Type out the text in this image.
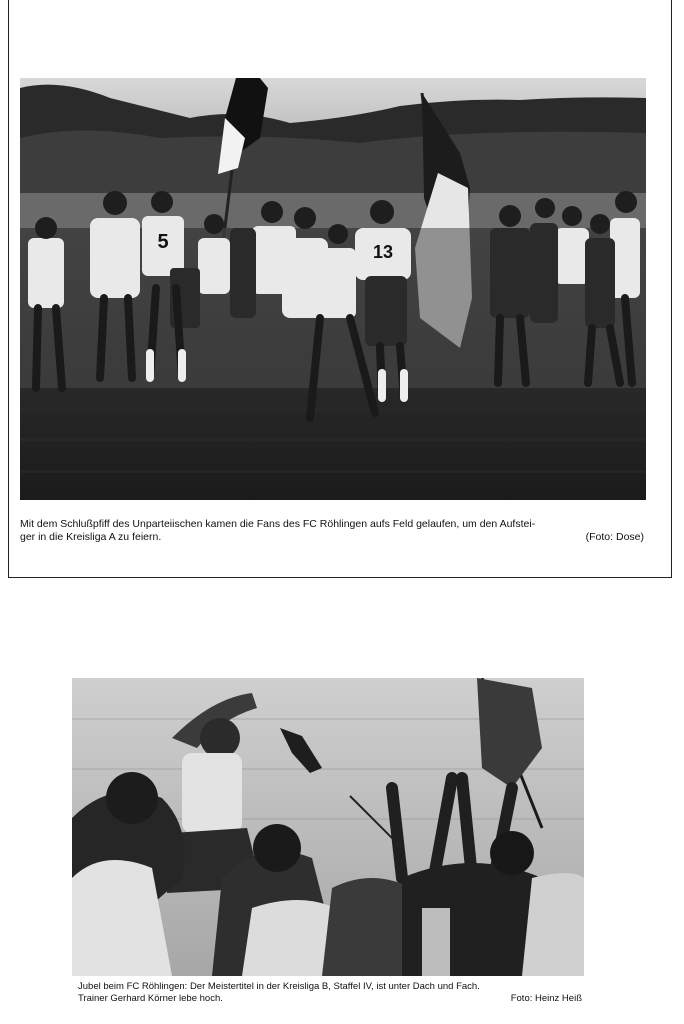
5	13
Mit dem Schlußpfiff des Unparteiischen kamen die Fans des FC Röhlingen aufs Feld gelaufen, um den Aufstei-
ger in die Kreisliga A zu feiern.	(Foto: Dose)
Jubel beim FC Röhlingen: Der Meistertitel in der Kreisliga B, Staffel IV, ist unter Dach und Fach.
Trainer Gerhard Körner lebe hoch.	Foto: Heinz Heiß
